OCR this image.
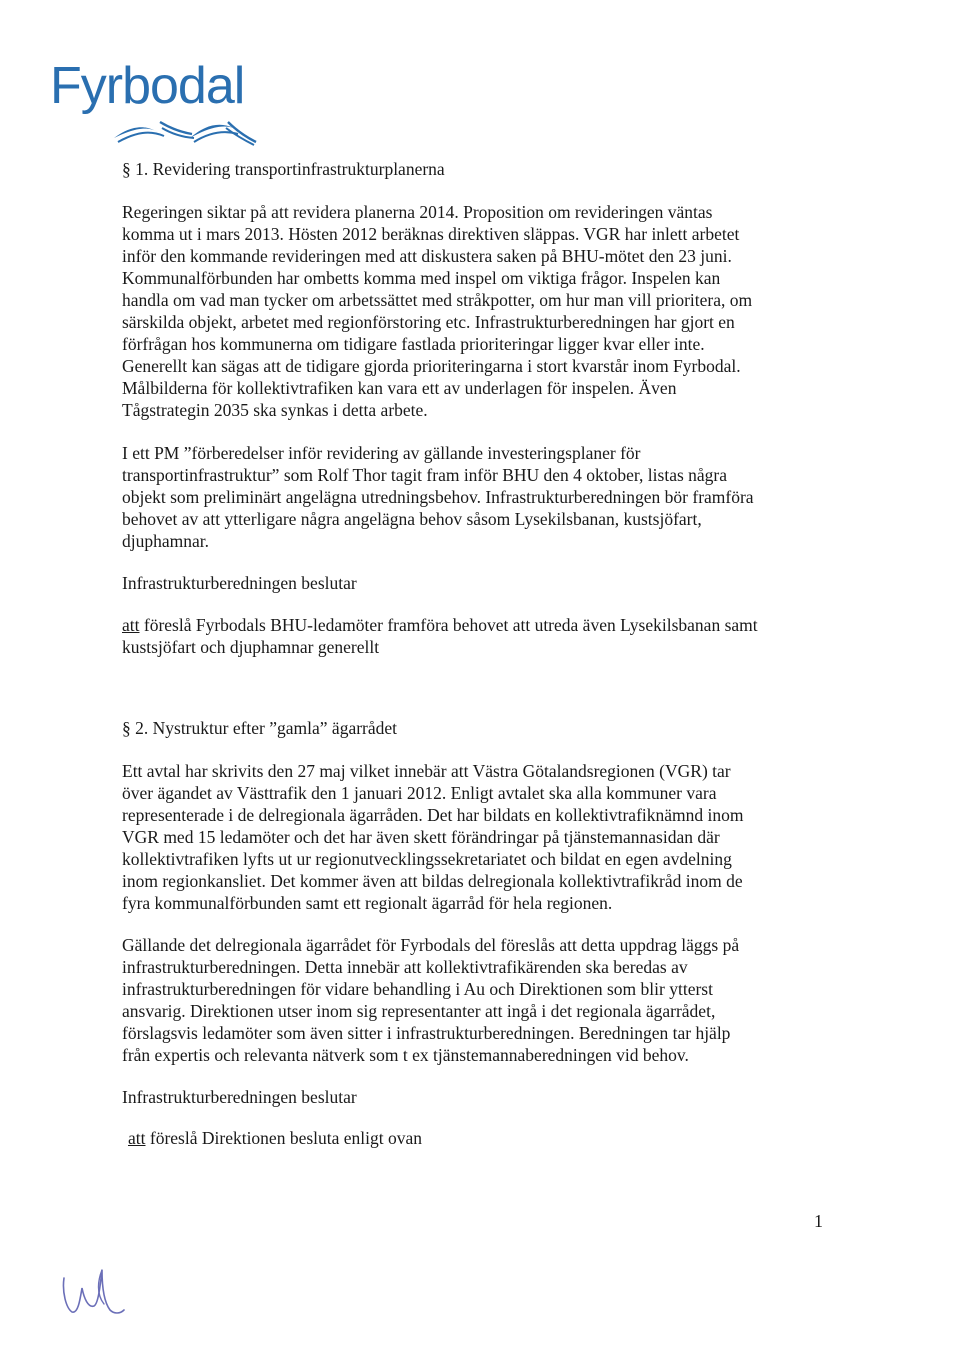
Fyrbodal
§ 1. Revidering transportinfrastrukturplanerna
Regeringen siktar på att revidera planerna 2014. Proposition om revideringen väntas
komma ut i mars 2013. Hösten 2012 beräknas direktiven släppas. VGR har inlett arbetet
inför den kommande revideringen med att diskustera saken på BHU-mötet den 23 juni.
Kommunalförbunden har ombetts komma med inspel om viktiga frågor. Inspelen kan
handla om vad man tycker om arbetssättet med stråkpotter, om hur man vill prioritera, om
särskilda objekt, arbetet med regionförstoring etc. Infrastrukturberedningen har gjort en
förfrågan hos kommunerna om tidigare fastlada prioriteringar ligger kvar eller inte.
Generellt kan sägas att de tidigare gjorda prioriteringarna i stort kvarstår inom Fyrbodal.
Målbilderna för kollektivtrafiken kan vara ett av underlagen för inspelen. Även
Tågstrategin 2035 ska synkas i detta arbete.
I ett PM ”förberedelser inför revidering av gällande investeringsplaner för
transportinfrastruktur” som Rolf Thor tagit fram inför BHU den 4 oktober, listas några
objekt som preliminärt angelägna utredningsbehov. Infrastrukturberedningen bör framföra
behovet av att ytterligare några angelägna behov såsom Lysekilsbanan, kustsjöfart,
djuphamnar.
Infrastrukturberedningen beslutar
att föreslå Fyrbodals BHU-ledamöter framföra behovet att utreda även Lysekilsbanan samt
kustsjöfart och djuphamnar generellt
§ 2. Nystruktur efter ”gamla” ägarrådet
Ett avtal har skrivits den 27 maj vilket innebär att Västra Götalandsregionen (VGR) tar
över ägandet av Västtrafik den 1 januari 2012. Enligt avtalet ska alla kommuner vara
representerade i de delregionala ägarråden. Det har bildats en kollektivtrafiknämnd inom
VGR med 15 ledamöter och det har även skett förändringar på tjänstemannasidan där
kollektivtrafiken lyfts ut ur regionutvecklingssekretariatet och bildat en egen avdelning
inom regionkansliet. Det kommer även att bildas delregionala kollektivtrafikråd inom de
fyra kommunalförbunden samt ett regionalt ägarråd för hela regionen.
Gällande det delregionala ägarrådet för Fyrbodals del föreslås att detta uppdrag läggs på
infrastrukturberedningen. Detta innebär att kollektivtrafikärenden ska beredas av
infrastrukturberedningen för vidare behandling i Au och Direktionen som blir ytterst
ansvarig. Direktionen utser inom sig representanter att ingå i det regionala ägarrådet,
förslagsvis ledamöter som även sitter i infrastrukturberedningen. Beredningen tar hjälp
från expertis och relevanta nätverk som t ex tjänstemannaberedningen vid behov.
Infrastrukturberedningen beslutar
att föreslå Direktionen besluta enligt ovan
1
